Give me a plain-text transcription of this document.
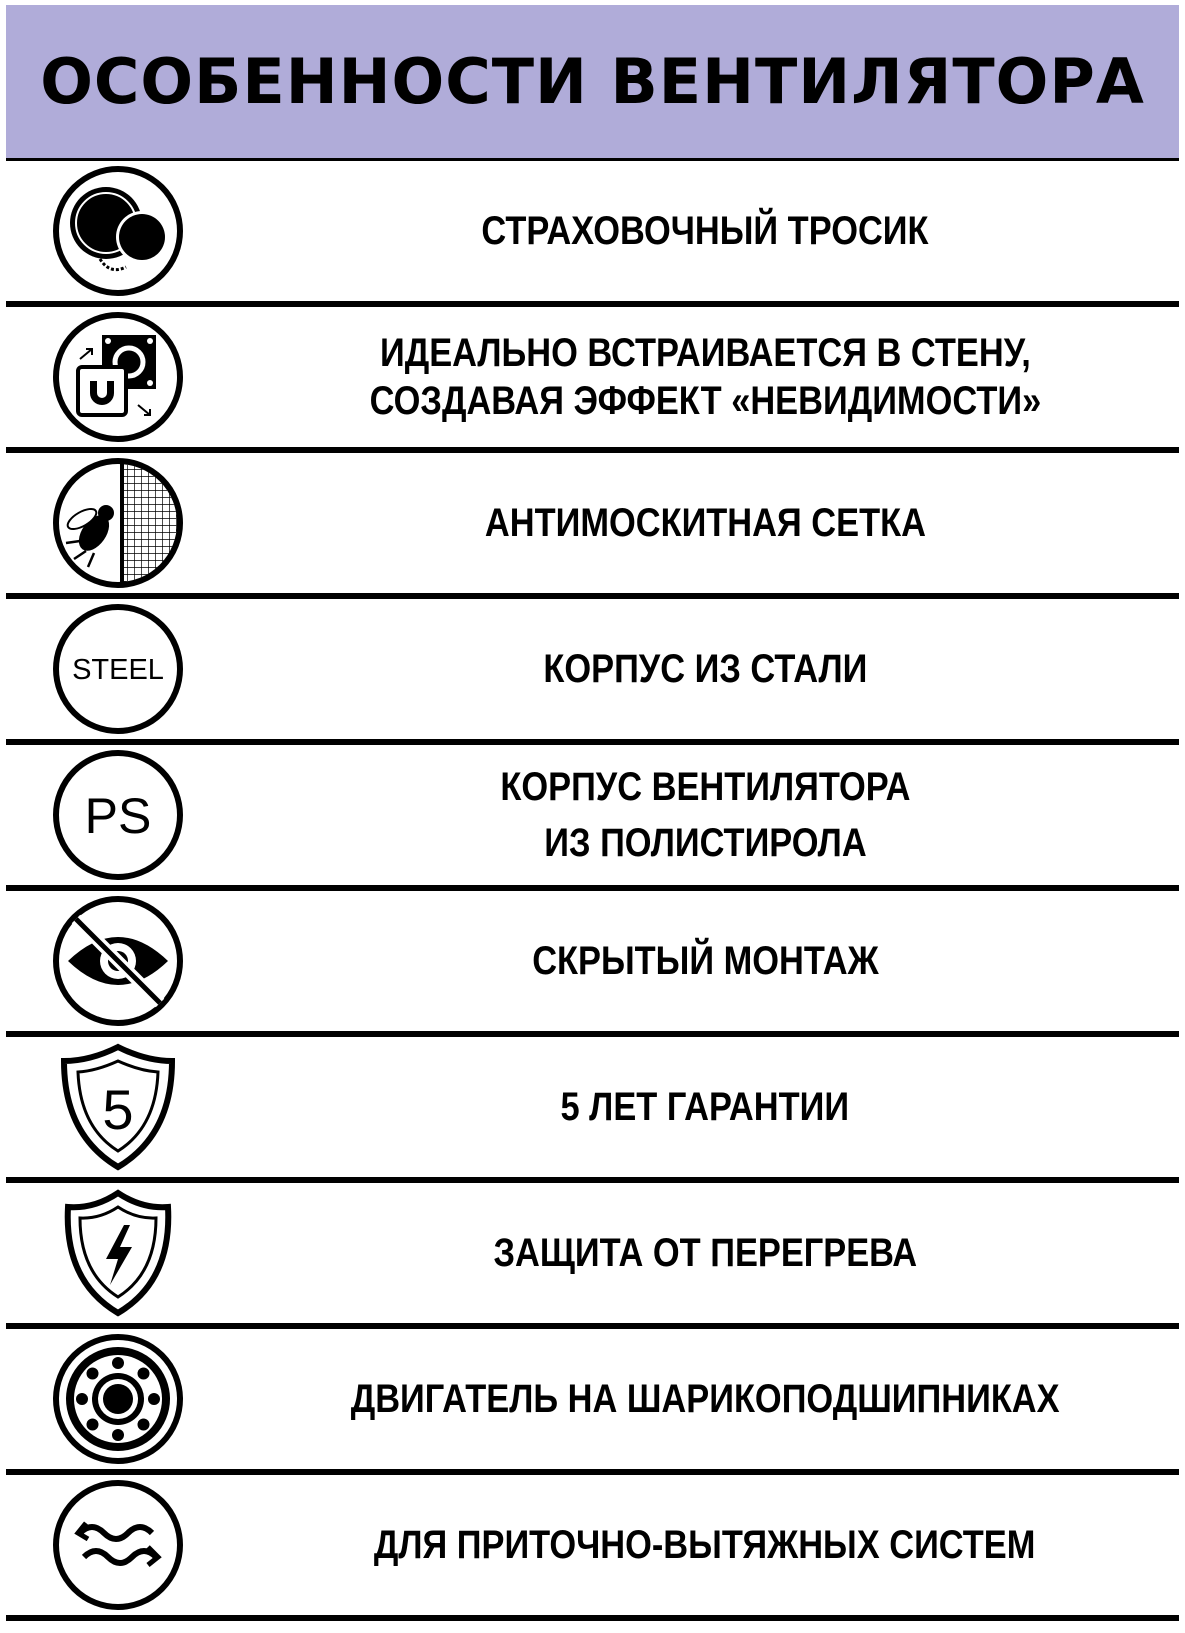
ОСОБЕННОСТИ ВЕНТИЛЯТОРА
СТРАХОВОЧНЫЙ ТРОСИК
ИДЕАЛЬНО ВСТРАИВАЕТСЯ В СТЕНУ,
СОЗДАВАЯ ЭФФЕКТ «НЕВИДИМОСТИ»
АНТИМОСКИТНАЯ СЕТКА
STEEL	КОРПУС ИЗ СТАЛИ
PS
КОРПУС ВЕНТИЛЯТОРА
ИЗ ПОЛИСТИРОЛА
СКРЫТЫЙ МОНТАЖ
5	5 ЛЕТ ГАРАНТИИ
ЗАЩИТА ОТ ПЕРЕГРЕВА
ДВИГАТЕЛЬ НА ШАРИКОПОДШИПНИКАХ
ДЛЯ ПРИТОЧНО-ВЫТЯЖНЫХ СИСТЕМ
